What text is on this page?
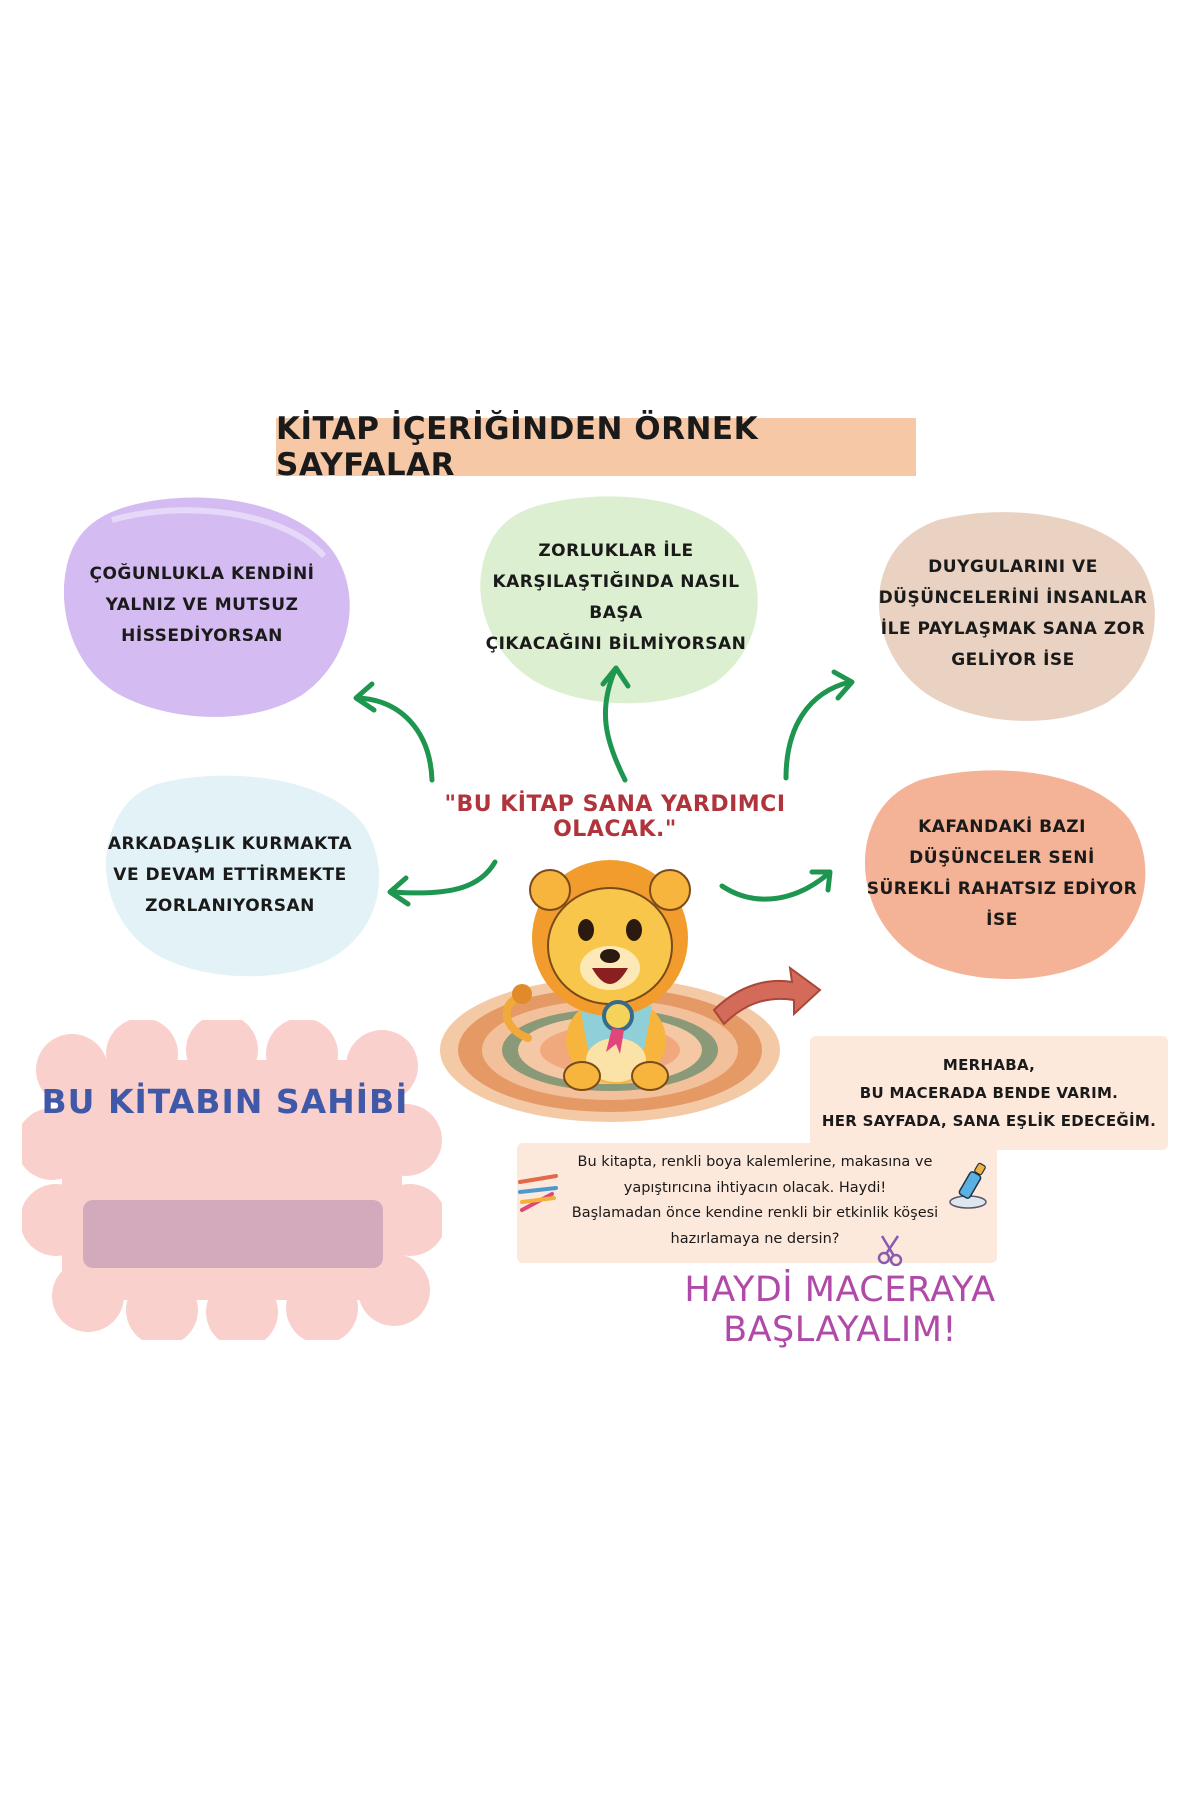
KİTAP İÇERİĞİNDEN ÖRNEK SAYFALAR
ÇOĞUNLUKLA KENDİNİ
YALNIZ VE MUTSUZ
HİSSEDİYORSAN
ZORLUKLAR İLE
KARŞILAŞTIĞINDA NASIL BAŞA
ÇIKACAĞINI BİLMİYORSAN
DUYGULARINI VE
DÜŞÜNCELERİNİ İNSANLAR
İLE PAYLAŞMAK SANA ZOR
GELİYOR İSE
ARKADAŞLIK KURMAKTA
VE DEVAM ETTİRMEKTE
ZORLANIYORSAN
KAFANDAKİ BAZI
DÜŞÜNCELER SENİ
SÜREKLİ RAHATSIZ EDİYOR
İSE
"BU KİTAP SANA YARDIMCI OLACAK."
BU KİTABIN SAHİBİ
MERHABA,
BU MACERADA BENDE VARIM.
HER SAYFADA, SANA EŞLİK EDECEĞİM.
Bu kitapta, renkli boya kalemlerine, makasına ve
yapıştırıcına ihtiyacın olacak. Haydi!
Başlamadan önce kendine renkli bir etkinlik köşesi
hazırlamaya ne dersin?
HAYDİ MACERAYA BAŞLAYALIM!
